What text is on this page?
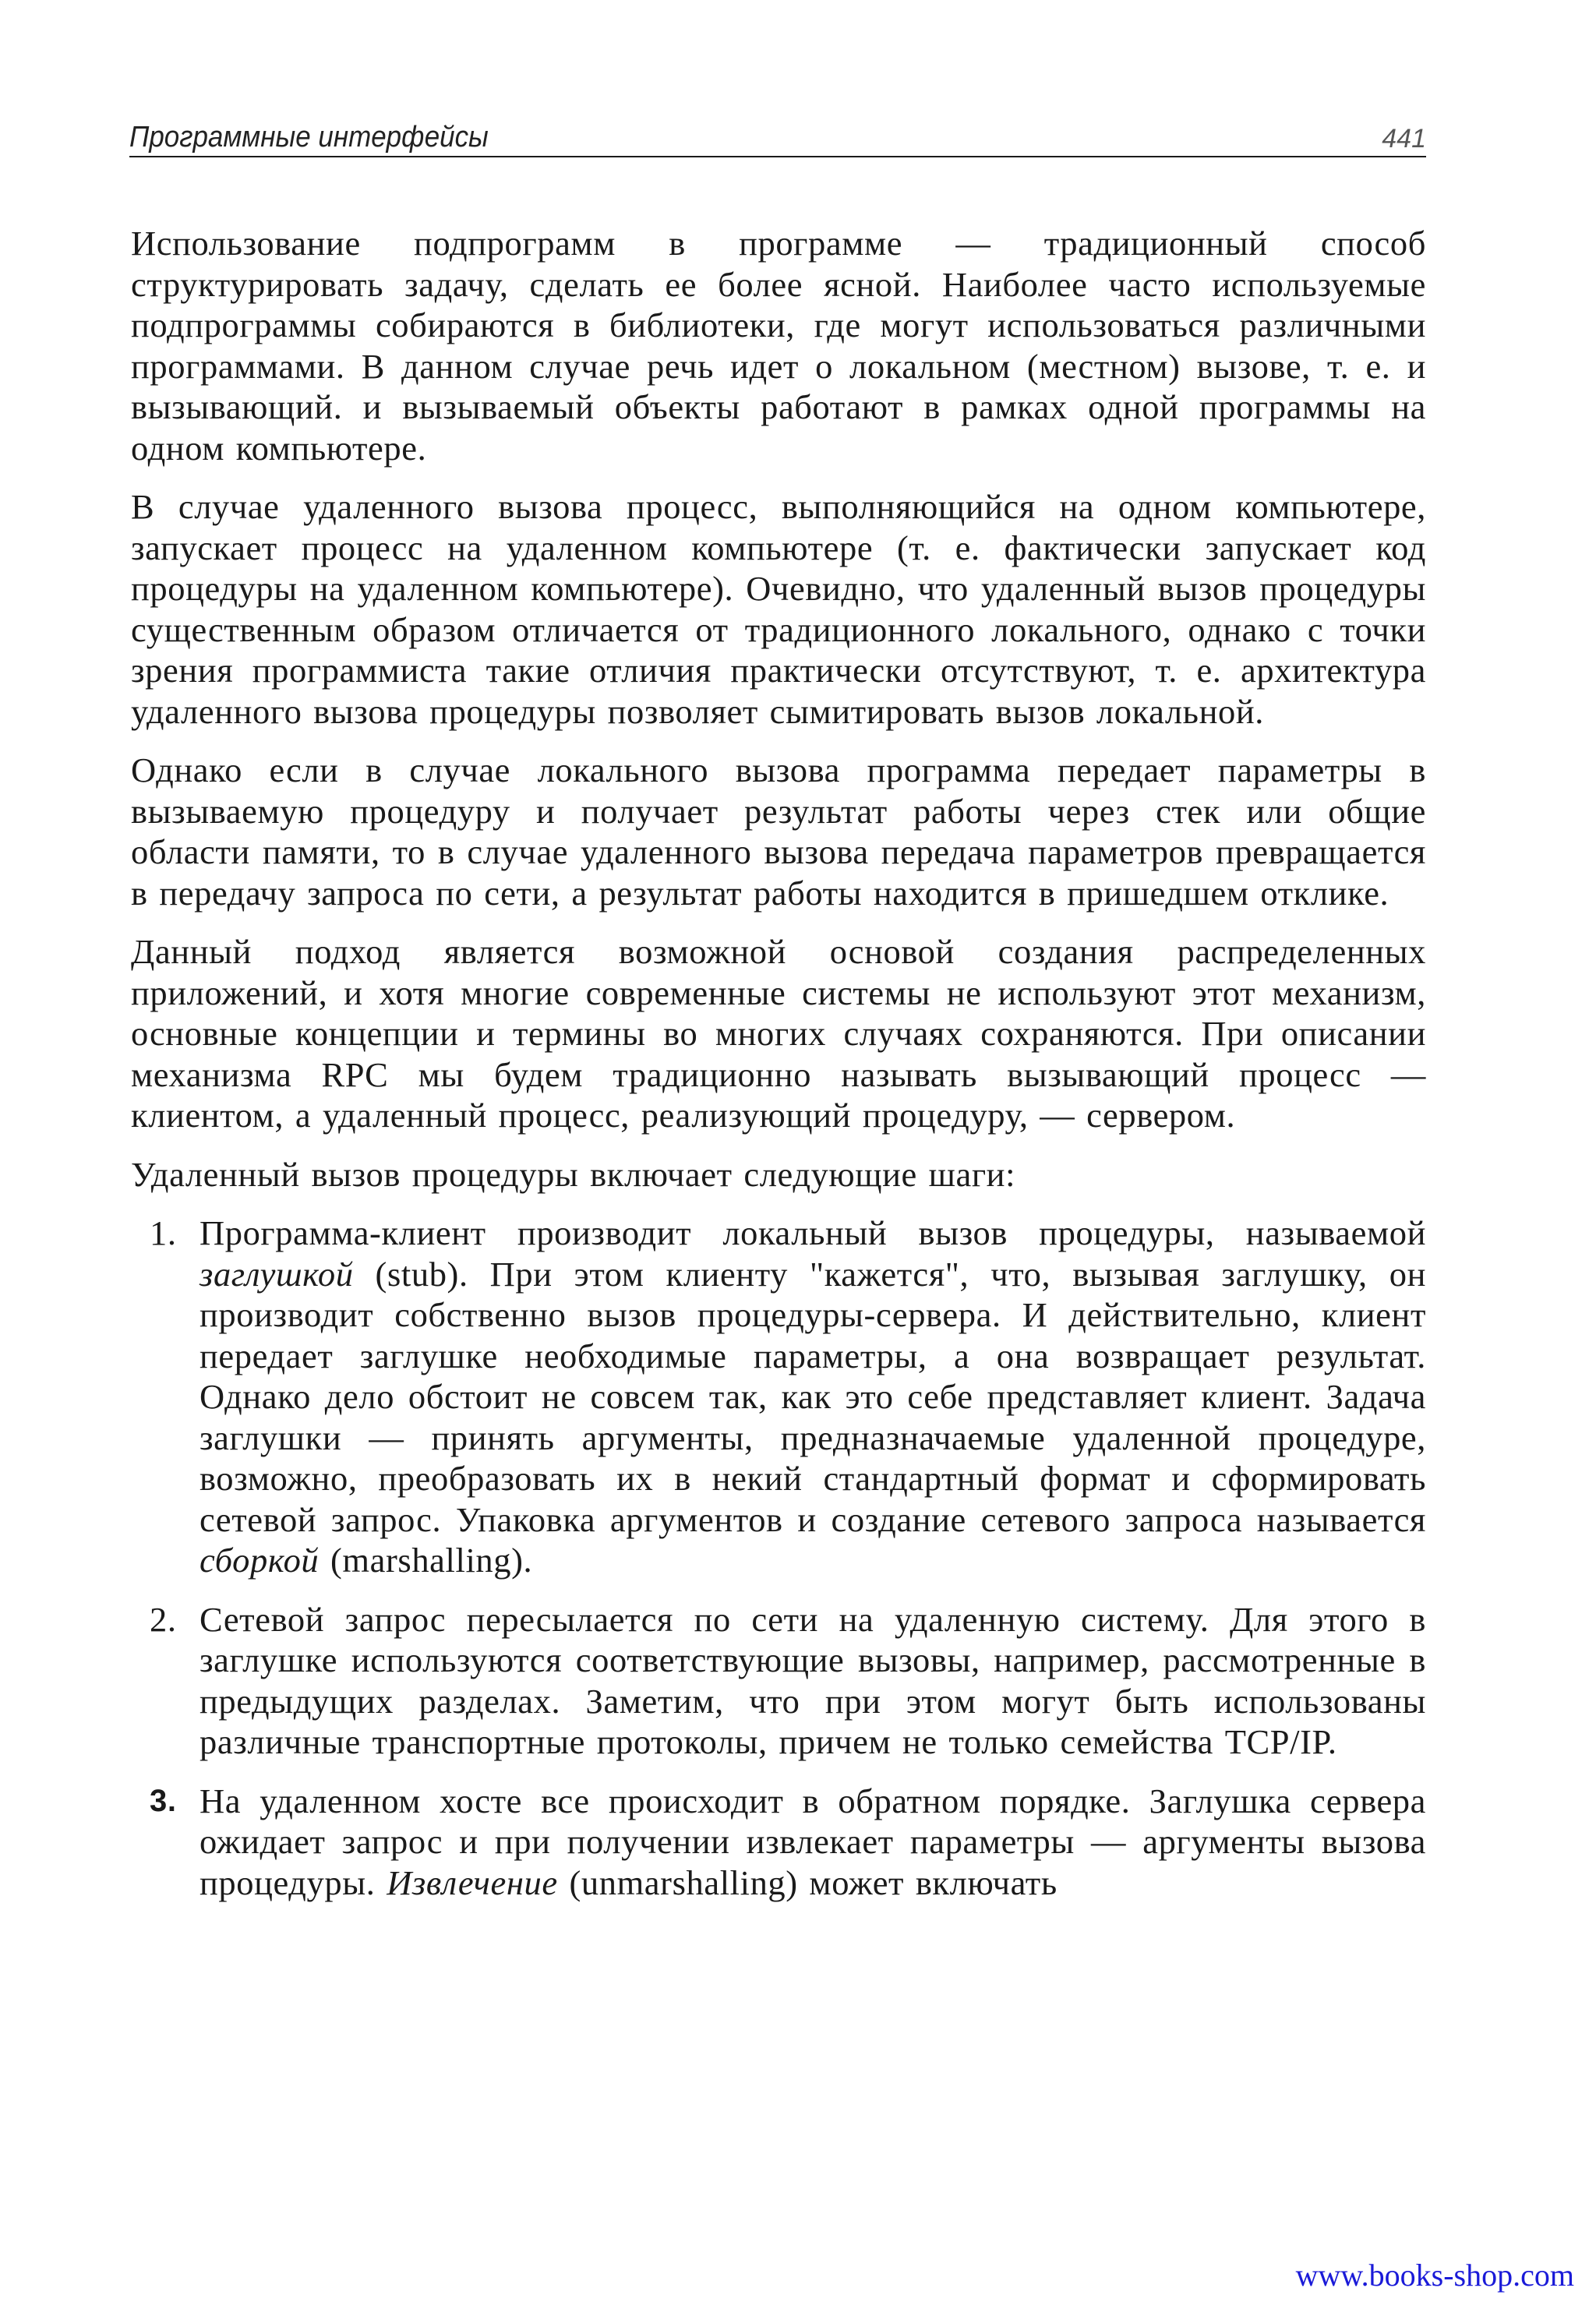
Программные интерфейсы	441

Использование подпрограмм в программе — традиционный способ структурировать задачу, сделать ее более ясной. Наиболее часто используемые подпрограммы собираются в библиотеки, где могут использоваться различными программами. В данном случае речь идет о локальном (местном) вызове, т. е. и вызывающий. и вызываемый объекты работают в рамках одной программы на одном компьютере.

В случае удаленного вызова процесс, выполняющийся на одном компьютере, запускает процесс на удаленном компьютере (т. е. фактически запускает код процедуры на удаленном компьютере). Очевидно, что удаленный вызов процедуры существенным образом отличается от традиционного локального, однако с точки зрения программиста такие отличия практически отсутствуют, т. е. архитектура удаленного вызова процедуры позволяет сымитировать вызов локальной.

Однако если в случае локального вызова программа передает параметры в вызываемую процедуру и получает результат работы через стек или общие области памяти, то в случае удаленного вызова передача параметров превращается в передачу запроса по сети, а результат работы находится в пришедшем отклике.

Данный подход является возможной основой создания распределенных приложений, и хотя многие современные системы не используют этот механизм, основные концепции и термины во многих случаях сохраняются. При описании механизма RPC мы будем традиционно называть вызывающий процесс — клиентом, а удаленный процесс, реализующий процедуру, — сервером.

Удаленный вызов процедуры включает следующие шаги:

1. Программа-клиент производит локальный вызов процедуры, называемой заглушкой (stub). При этом клиенту "кажется", что, вызывая заглушку, он производит собственно вызов процедуры-сервера. И действительно, клиент передает заглушке необходимые параметры, а она возвращает результат. Однако дело обстоит не совсем так, как это себе представляет клиент. Задача заглушки — принять аргументы, предназначаемые удаленной процедуре, возможно, преобразовать их в некий стандартный формат и сформировать сетевой запрос. Упаковка аргументов и создание сетевого запроса называется сборкой (marshalling).
2. Сетевой запрос пересылается по сети на удаленную систему. Для этого в заглушке используются соответствующие вызовы, например, рассмотренные в предыдущих разделах. Заметим, что при этом могут быть использованы различные транспортные протоколы, причем не только семейства TCP/IP.
3. На удаленном хосте все происходит в обратном порядке. Заглушка сервера ожидает запрос и при получении извлекает параметры — аргументы вызова процедуры. Извлечение (unmarshalling) может включать
www.books-shop.com
